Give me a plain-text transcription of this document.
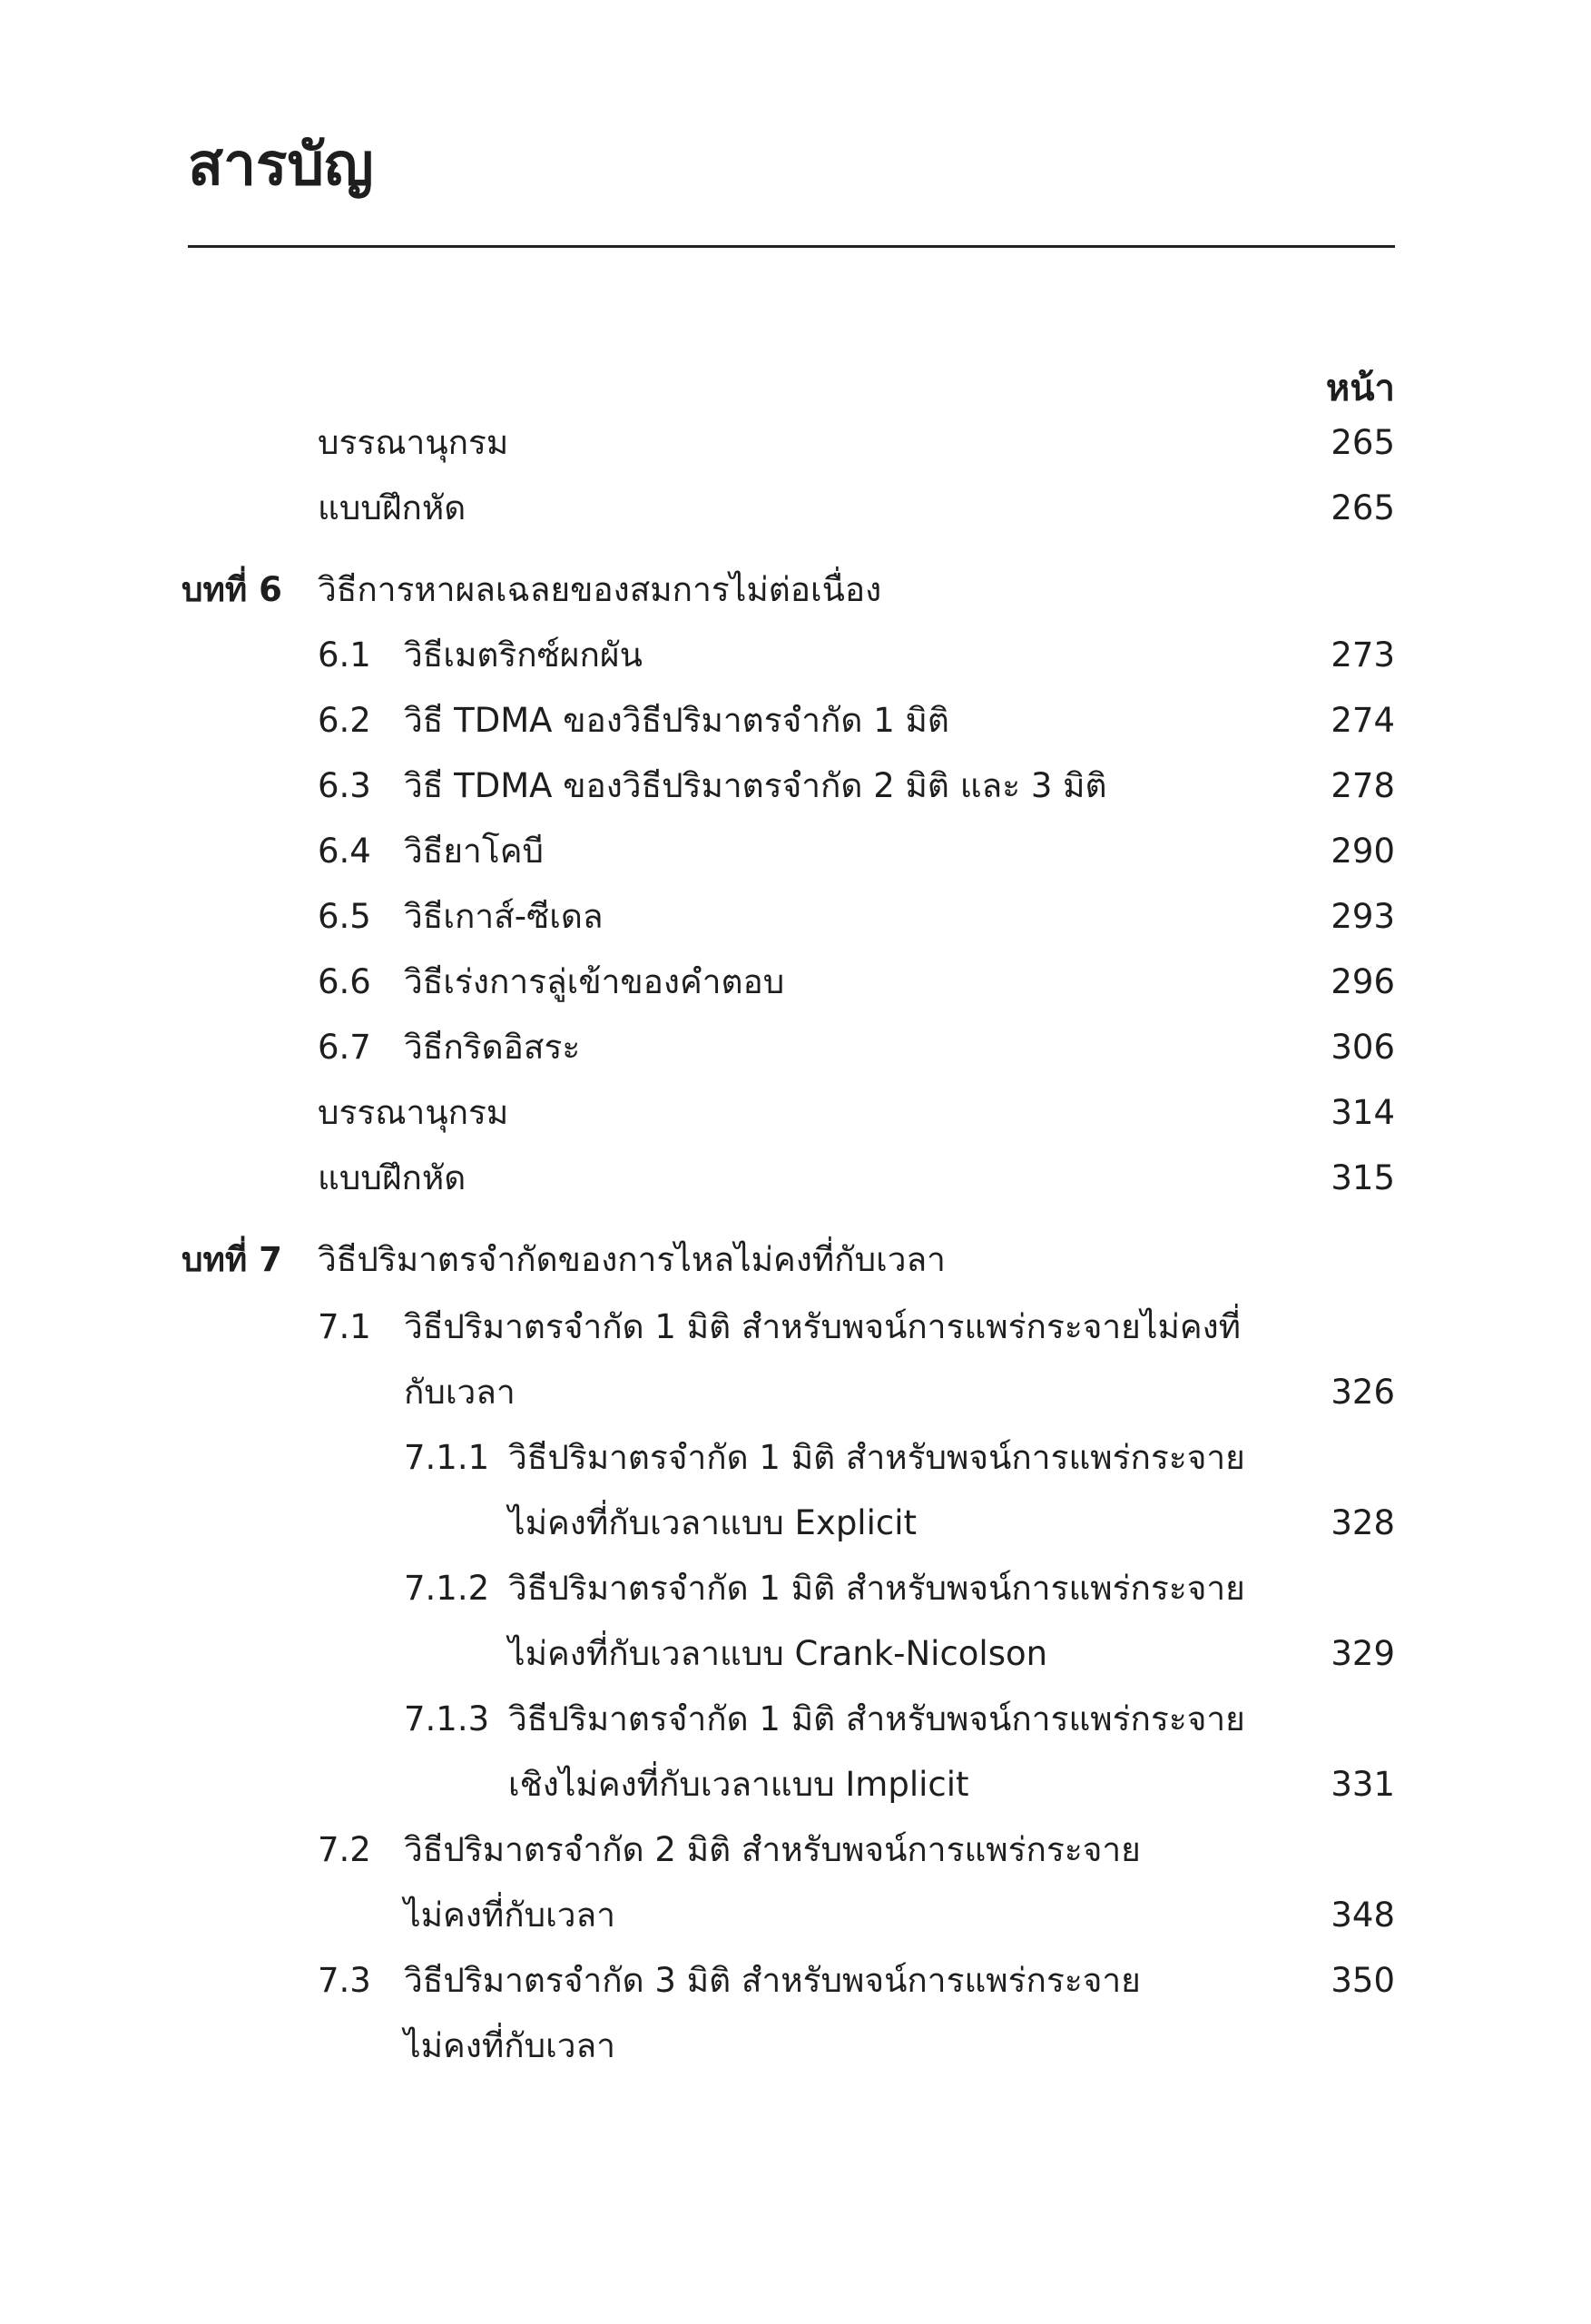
สารบัญ
หน้า
บรรณานุกรม	265
แบบฝึกหัด	265
บทที่ 6 วิธีการหาผลเฉลยของสมการไม่ต่อเนื่อง
6.1 วิธีเมตริกซ์ผกผัน	273
6.2 วิธี TDMA ของวิธีปริมาตรจำกัด 1 มิติ	274
6.3 วิธี TDMA ของวิธีปริมาตรจำกัด 2 มิติ และ 3 มิติ	278
6.4 วิธียาโคบี	290
6.5 วิธีเกาส์-ซีเดล	293
6.6 วิธีเร่งการลู่เข้าของคำตอบ	296
6.7 วิธีกริดอิสระ	306
บรรณานุกรม	314
แบบฝึกหัด	315
บทที่ 7 วิธีปริมาตรจำกัดของการไหลไม่คงที่กับเวลา
7.1 วิธีปริมาตรจำกัด 1 มิติ สำหรับพจน์การแพร่กระจายไม่คงที่
กับเวลา	326
7.1.1 วิธีปริมาตรจำกัด 1 มิติ สำหรับพจน์การแพร่กระจาย
ไม่คงที่กับเวลาแบบ Explicit	328
7.1.2 วิธีปริมาตรจำกัด 1 มิติ สำหรับพจน์การแพร่กระจาย
ไม่คงที่กับเวลาแบบ Crank-Nicolson	329
7.1.3 วิธีปริมาตรจำกัด 1 มิติ สำหรับพจน์การแพร่กระจาย
เชิงไม่คงที่กับเวลาแบบ Implicit	331
7.2 วิธีปริมาตรจำกัด 2 มิติ สำหรับพจน์การแพร่กระจาย
ไม่คงที่กับเวลา	348
7.3 วิธีปริมาตรจำกัด 3 มิติ สำหรับพจน์การแพร่กระจาย	350
ไม่คงที่กับเวลา
